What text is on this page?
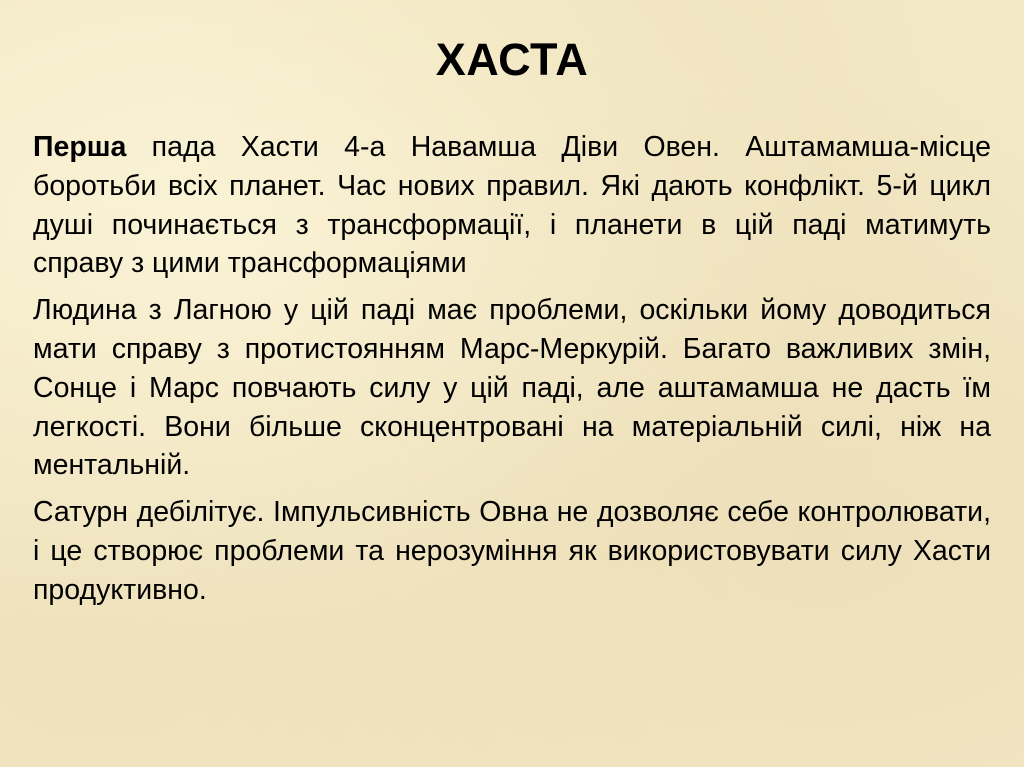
ХАСТА

Перша пада Хасти 4-а Навамша Діви Овен. Аштамамша-місце боротьби всіх планет. Час нових правил. Які дають конфлікт. 5-й цикл душі починається з трансформації, і планети в цій паді матимуть справу з цими трансформаціями

Людина з Лагною у цій паді має проблеми, оскільки йому доводиться мати справу з протистоянням Марс-Меркурій. Багато важливих змін, Сонце і Марс повчають силу у цій паді, але аштамамша не дасть їм легкості. Вони більше сконцентровані на матеріальній силі, ніж на ментальній.

Сатурн дебілітує. Імпульсивність Овна не дозволяє себе контролювати, і це створює проблеми та нерозуміння як використовувати силу Хасти продуктивно.
